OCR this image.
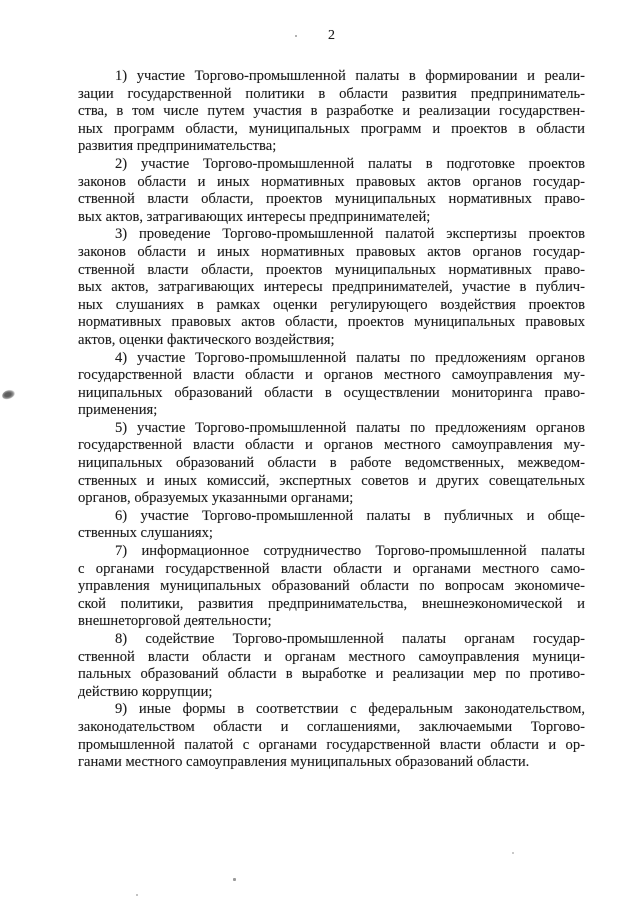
2
1) участие Торгово-промышленной палаты в формировании и реали-
зации государственной политики в области развития предприниматель-
ства, в том числе путем участия в разработке и реализации государствен-
ных программ области, муниципальных программ и проектов в области
развития предпринимательства;
2) участие Торгово-промышленной палаты в подготовке проектов
законов области и иных нормативных правовых актов органов государ-
ственной власти области, проектов муниципальных нормативных право-
вых актов, затрагивающих интересы предпринимателей;
3) проведение Торгово-промышленной палатой экспертизы проектов
законов области и иных нормативных правовых актов органов государ-
ственной власти области, проектов муниципальных нормативных право-
вых актов, затрагивающих интересы предпринимателей, участие в публич-
ных слушаниях в рамках оценки регулирующего воздействия проектов
нормативных правовых актов области, проектов муниципальных правовых
актов, оценки фактического воздействия;
4) участие Торгово-промышленной палаты по предложениям органов
государственной власти области и органов местного самоуправления му-
ниципальных образований области в осуществлении мониторинга право-
применения;
5) участие Торгово-промышленной палаты по предложениям органов
государственной власти области и органов местного самоуправления му-
ниципальных образований области в работе ведомственных, межведом-
ственных и иных комиссий, экспертных советов и других совещательных
органов, образуемых указанными органами;
6) участие Торгово-промышленной палаты в публичных и обще-
ственных слушаниях;
7) информационное сотрудничество Торгово-промышленной палаты
с органами государственной власти области и органами местного само-
управления муниципальных образований области по вопросам экономиче-
ской политики, развития предпринимательства, внешнеэкономической и
внешнеторговой деятельности;
8) содействие Торгово-промышленной палаты органам государ-
ственной власти области и органам местного самоуправления муници-
пальных образований области в выработке и реализации мер по противо-
действию коррупции;
9) иные формы в соответствии с федеральным законодательством,
законодательством области и соглашениями, заключаемыми Торгово-
промышленной палатой с органами государственной власти области и ор-
ганами местного самоуправления муниципальных образований области.
